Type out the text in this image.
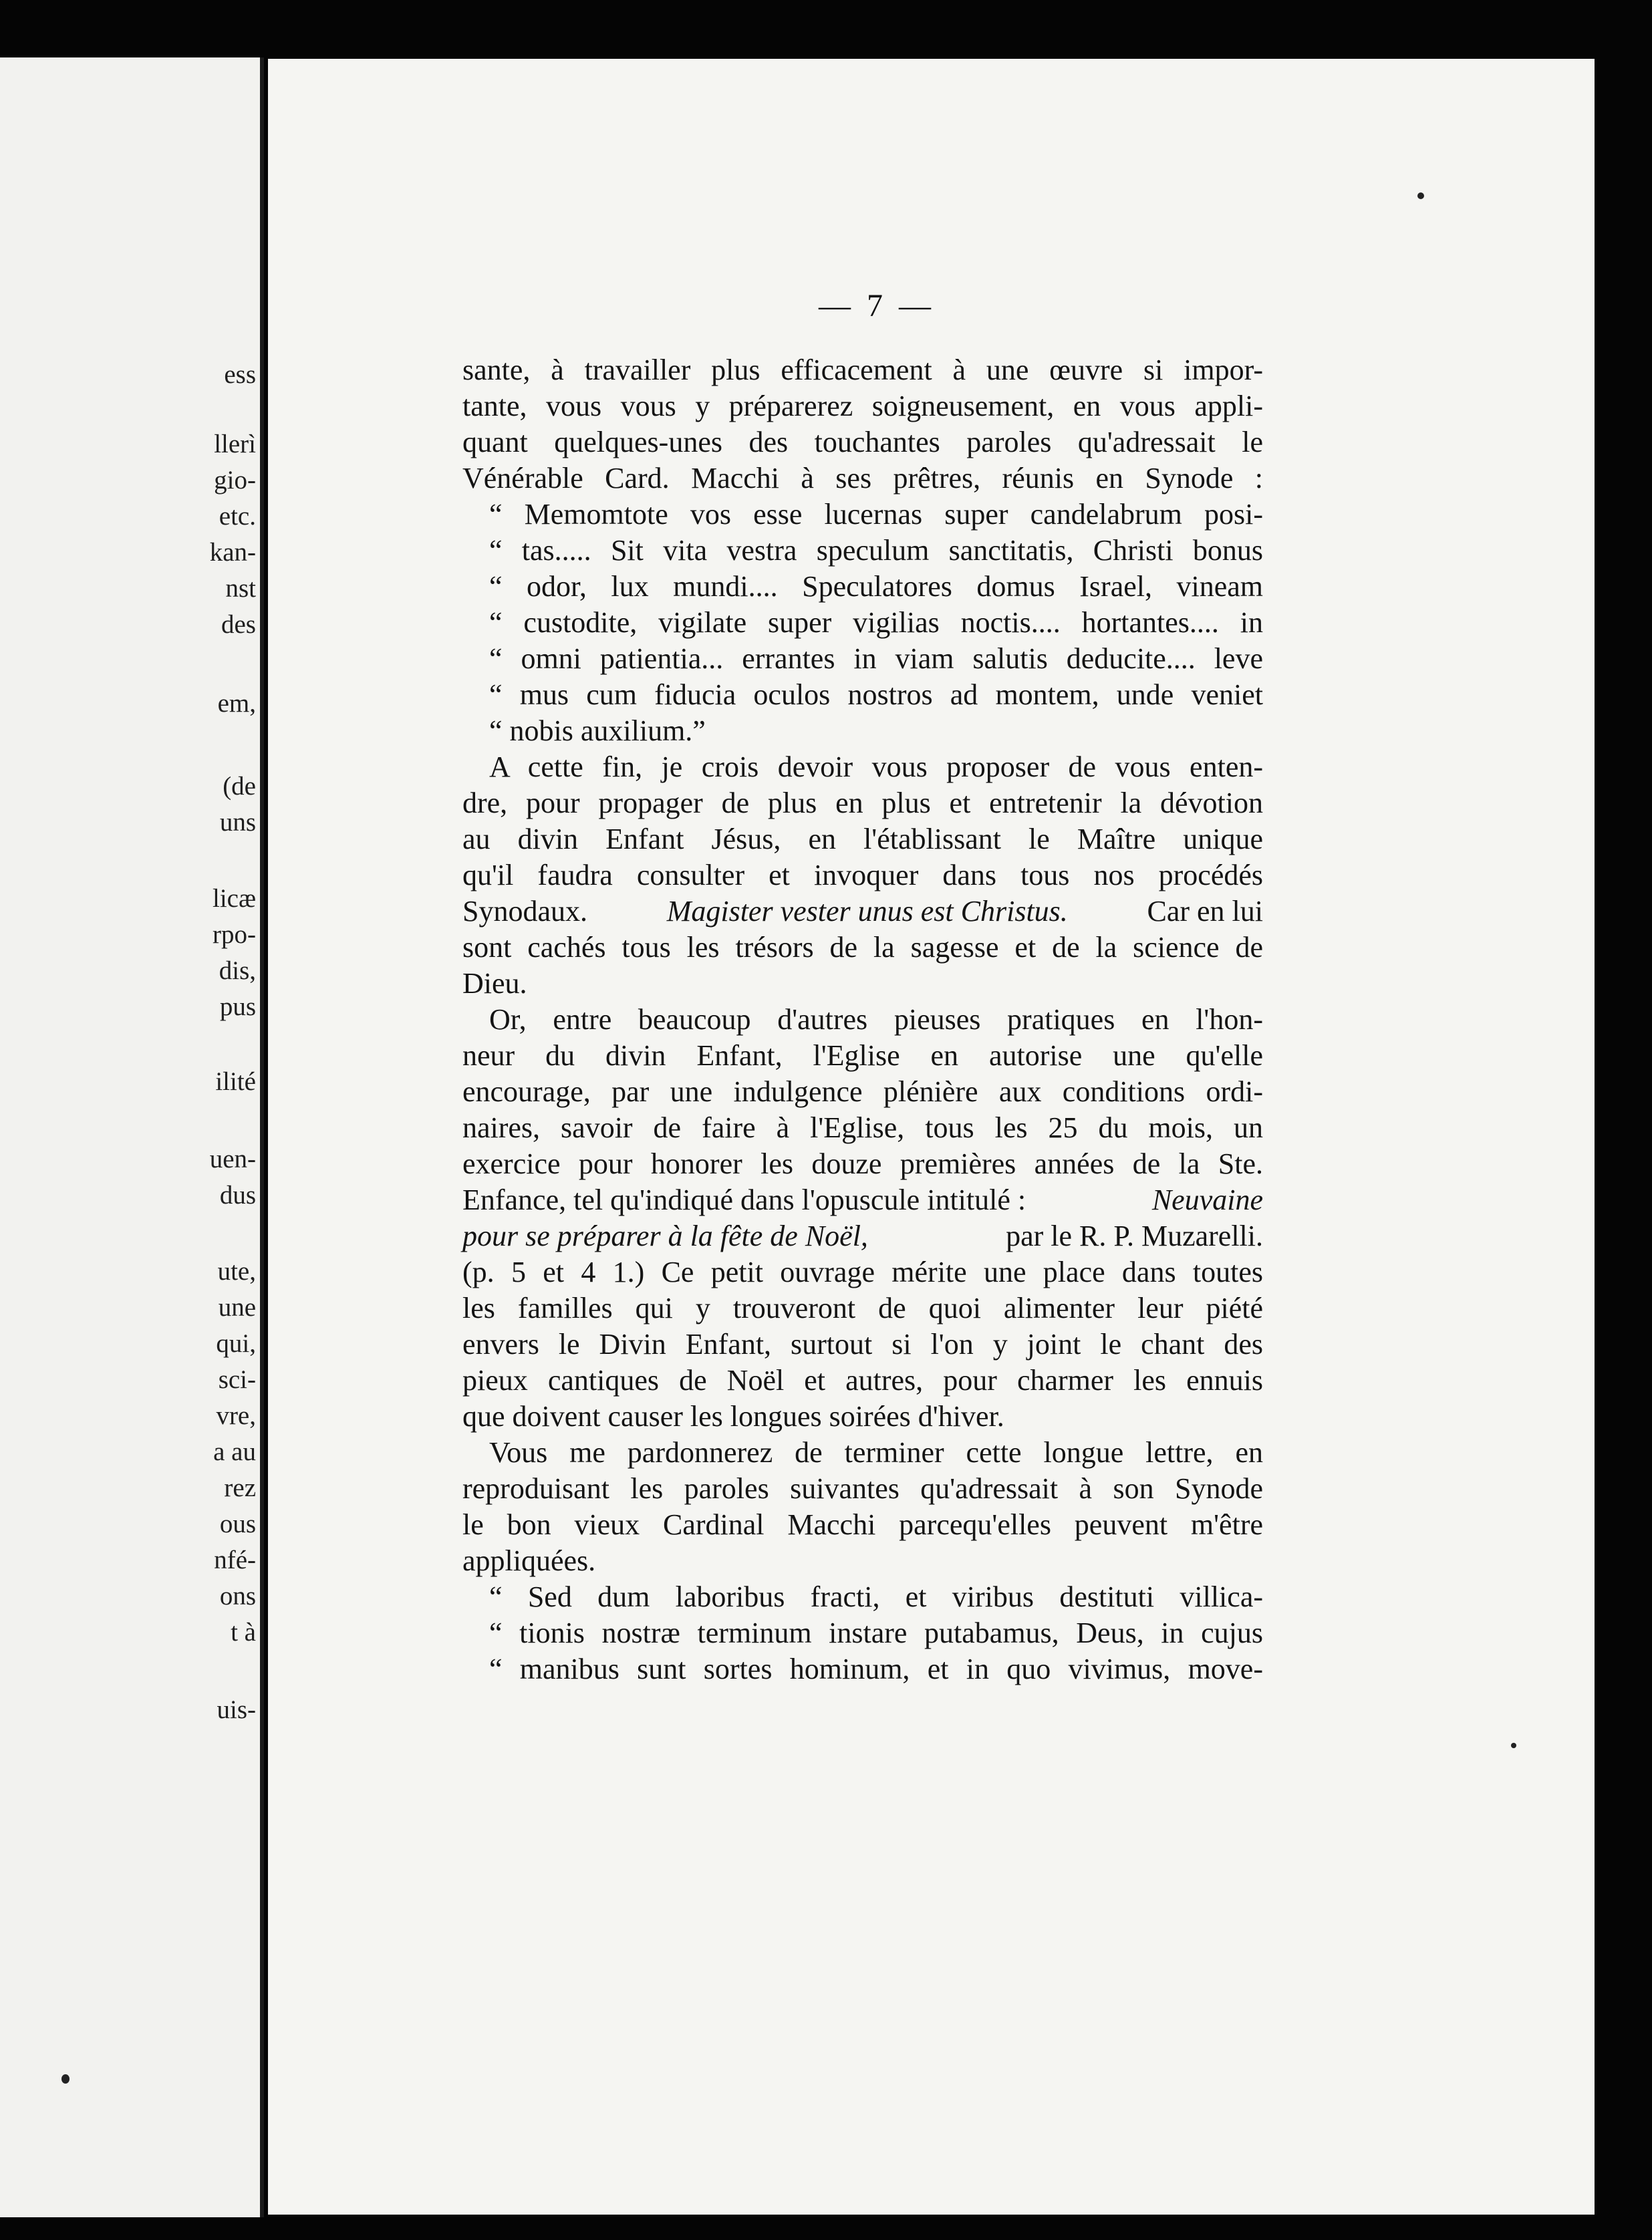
ess
llerì
gio-
etc.
kan-
nst
des
em,
(de
uns
licæ
rpo-
dis,
pus
ilité
uen-
dus
ute,
une
qui,
sci-
vre,
a au
rez
ous
nfé-
ons
t à
uis-
— 7 —
sante, à travailler plus efficacement à une œuvre si impor-
tante, vous vous y préparerez soigneusement, en vous appli-
quant quelques-unes des touchantes paroles qu'adressait le
Vénérable Card. Macchi à ses prêtres, réunis en Synode :
“ Memomtote vos esse lucernas super candelabrum posi-
“ tas..... Sit vita vestra speculum sanctitatis, Christi bonus
“ odor, lux mundi.... Speculatores domus Israel, vineam
“ custodite, vigilate super vigilias noctis.... hortantes.... in
“ omni patientia... errantes in viam salutis deducite.... leve
“ mus cum fiducia oculos nostros ad montem, unde veniet
“ nobis auxilium.”
A cette fin, je crois devoir vous proposer de vous enten-
dre, pour propager de plus en plus et entretenir la dévotion
au divin Enfant Jésus, en l'établissant le Maître unique
qu'il faudra consulter et invoquer dans tous nos procédés
Synodaux.	Magister vester unus est Christus.	Car en lui
sont cachés tous les trésors de la sagesse et de la science de
Dieu.
Or, entre beaucoup d'autres pieuses pratiques en l'hon-
neur du divin Enfant, l'Eglise en autorise une qu'elle
encourage, par une indulgence plénière aux conditions ordi-
naires, savoir de faire à l'Eglise, tous les 25 du mois, un
exercice pour honorer les douze premières années de la Ste.
Enfance, tel qu'indiqué dans l'opuscule intitulé :	Neuvaine
pour se préparer à la fête de Noël,	par le R. P. Muzarelli.
(p. 5 et 4 1.) Ce petit ouvrage mérite une place dans toutes
les familles qui y trouveront de quoi alimenter leur piété
envers le Divin Enfant, surtout si l'on y joint le chant des
pieux cantiques de Noël et autres, pour charmer les ennuis
que doivent causer les longues soirées d'hiver.
Vous me pardonnerez de terminer cette longue lettre, en
reproduisant les paroles suivantes qu'adressait à son Synode
le bon vieux Cardinal Macchi parcequ'elles peuvent m'être
appliquées.
“ Sed dum laboribus fracti, et viribus destituti villica-
“ tionis nostræ terminum instare putabamus, Deus, in cujus
“ manibus sunt sortes hominum, et in quo vivimus, move-
